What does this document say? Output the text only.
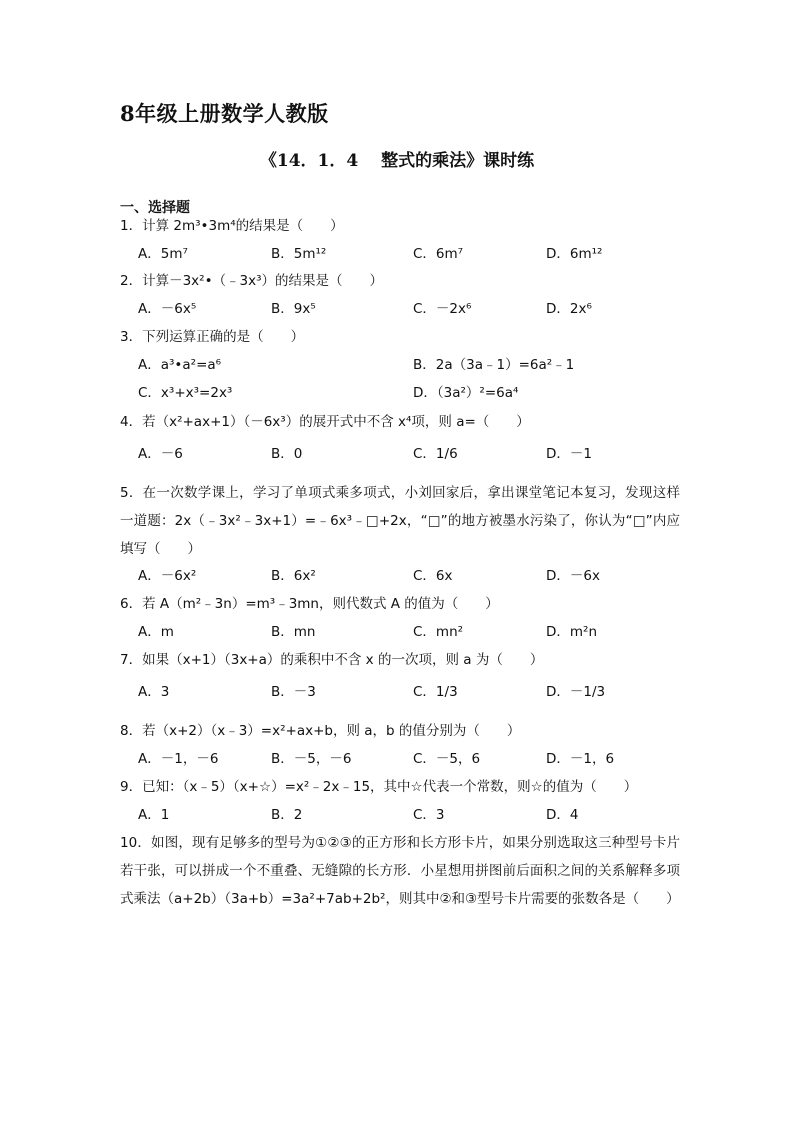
8年级上册数学人教版
《14．1．4　 整式的乘法》课时练
一、选择题
1．计算 2m³•3m⁴的结果是（　　）
A．5m⁷	B．5m¹²	C．6m⁷	D．6m¹²
2．计算－3x²•（﹣3x³）的结果是（　　）
A．－6x⁵	B．9x⁵	C．－2x⁶	D．2x⁶
3．下列运算正确的是（　　）
A．a³•a²=a⁶	B．2a（3a﹣1）=6a²﹣1
C．x³+x³=2x³	D．（3a²）²=6a⁴
4．若（x²+ax+1）（－6x³）的展开式中不含 x⁴项，则 a=（　　）
A．－6	B．0	C．1/6	D．－1
5．在一次数学课上，学习了单项式乘多项式，小刘回家后，拿出课堂笔记本复习，发现这样一道题：2x（﹣3x²﹣3x+1）=﹣6x³﹣□+2x，“□”的地方被墨水污染了，你认为“□”内应填写（　　）
A．－6x²	B．6x²	C．6x	D．－6x
6．若 A（m²﹣3n）=m³﹣3mn，则代数式 A 的值为（　　）
A．m	B．mn	C．mn²	D．m²n
7．如果（x+1）（3x+a）的乘积中不含 x 的一次项，则 a 为（　　）
A．3	B．－3	C．1/3	D．－1/3
8．若（x+2）（x﹣3）=x²+ax+b，则 a，b 的值分别为（　　）
A．－1，－6	B．－5，－6	C．－5，6	D．－1，6
9．已知：（x﹣5）（x+☆）=x²﹣2x﹣15，其中☆代表一个常数，则☆的值为（　　）
A．1	B．2	C．3	D．4
10．如图，现有足够多的型号为①②③的正方形和长方形卡片，如果分别选取这三种型号卡片若干张，可以拼成一个不重叠、无缝隙的长方形．小星想用拼图前后面积之间的关系解释多项式乘法（a+2b）（3a+b）=3a²+7ab+2b²，则其中②和③型号卡片需要的张数各是（　　）
